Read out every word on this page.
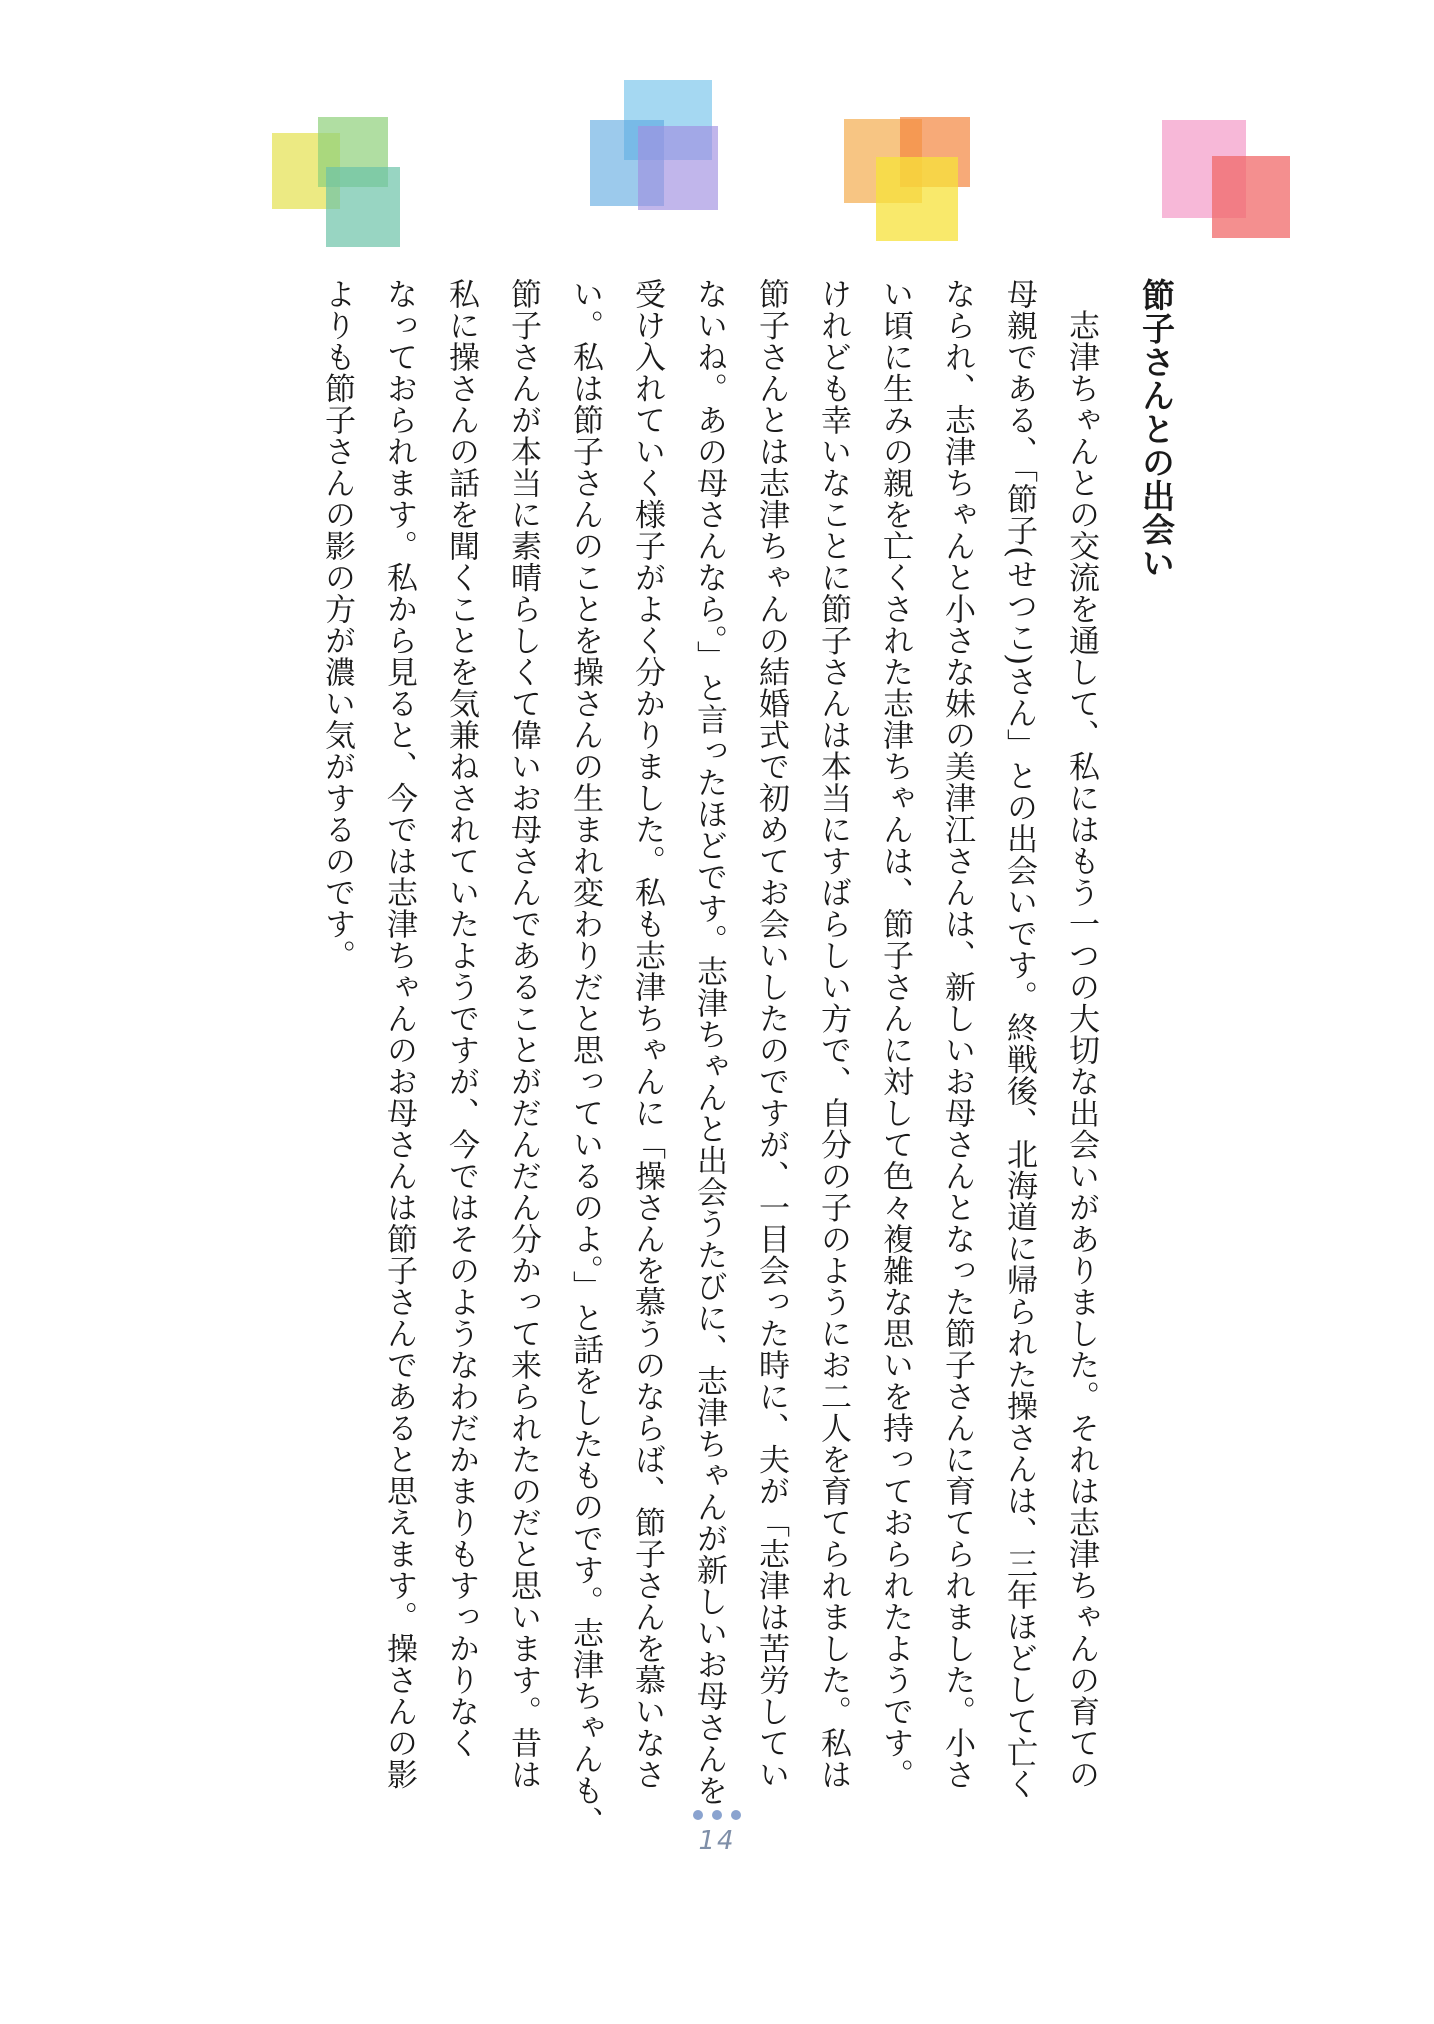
節子さんとの出会い
　志津ちゃんとの交流を通して、私にはもう一つの大切な出会いがありました。それは志津ちゃんの育ての
母親である、「節子(せつこ)さん」との出会いです。終戦後、北海道に帰られた操さんは、三年ほどして亡く
なられ、志津ちゃんと小さな妹の美津江さんは、新しいお母さんとなった節子さんに育てられました。小さ
い頃に生みの親を亡くされた志津ちゃんは、節子さんに対して色々複雑な思いを持っておられたようです。
けれども幸いなことに節子さんは本当にすばらしい方で、自分の子のようにお二人を育てられました。私は
節子さんとは志津ちゃんの結婚式で初めてお会いしたのですが、一目会った時に、夫が「志津は苦労してい
ないね。あの母さんなら。」と言ったほどです。志津ちゃんと出会うたびに、志津ちゃんが新しいお母さんを
受け入れていく様子がよく分かりました。私も志津ちゃんに「操さんを慕うのならば、節子さんを慕いなさ
い。私は節子さんのことを操さんの生まれ変わりだと思っているのよ。」と話をしたものです。志津ちゃんも、
節子さんが本当に素晴らしくて偉いお母さんであることがだんだん分かって来られたのだと思います。昔は
私に操さんの話を聞くことを気兼ねされていたようですが、今ではそのようなわだかまりもすっかりなく
なっておられます。私から見ると、今では志津ちゃんのお母さんは節子さんであると思えます。操さんの影
よりも節子さんの影の方が濃い気がするのです。
14
